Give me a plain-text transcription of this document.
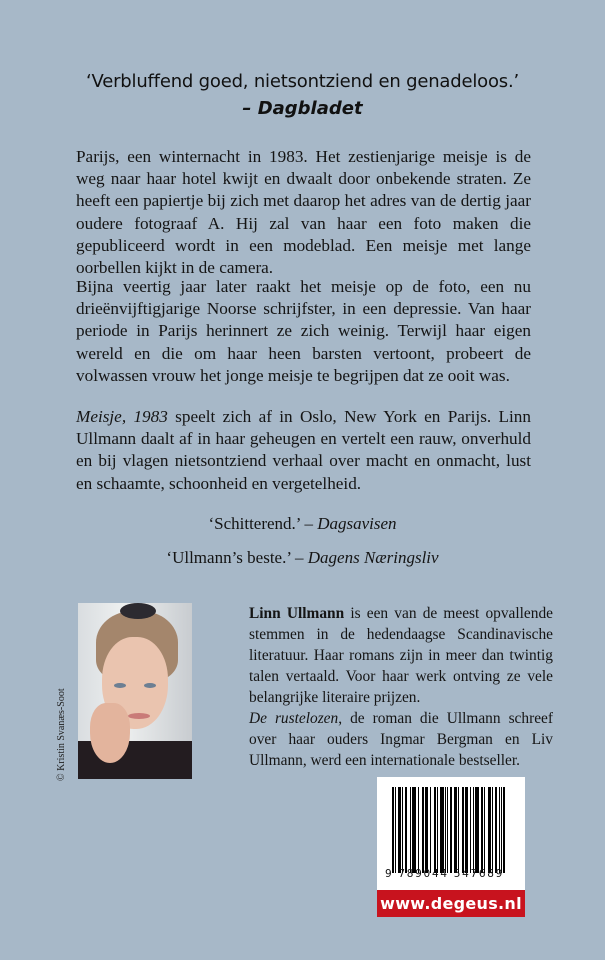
‘Verbluffend goed, nietsontziend en genadeloos.’
– Dagbladet

Parijs, een winternacht in 1983. Het zestienjarige meisje is de weg naar haar hotel kwijt en dwaalt door onbekende straten. Ze heeft een papiertje bij zich met daarop het adres van de dertig jaar oudere fotograaf A. Hij zal van haar een foto maken die gepubliceerd wordt in een modeblad. Een meisje met lange oorbellen kijkt in de camera.

Bijna veertig jaar later raakt het meisje op de foto, een nu drieënvijftigjarige Noorse schrijfster, in een depressie. Van haar periode in Parijs herinnert ze zich weinig. Terwijl haar eigen wereld en die om haar heen barsten vertoont, probeert de volwassen vrouw het jonge meisje te begrijpen dat ze ooit was.

Meisje, 1983 speelt zich af in Oslo, New York en Parijs. Linn Ullmann daalt af in haar geheugen en vertelt een rauw, onverhuld en bij vlagen nietsontziend verhaal over macht en onmacht, lust en schaamte, schoonheid en vergetelheid.

‘Schitterend.’ – Dagsavisen
‘Ullmann’s beste.’ – Dagens Næringsliv
© Kristin Svanæs-Soot

Linn Ullmann is een van de meest opvallende stemmen in de hedendaagse Scandinavische literatuur. Haar romans zijn in meer dan twintig talen vertaald. Voor haar werk ontving ze vele belangrijke literaire prijzen.

De rustelozen, de roman die Ullmann schreef over haar ouders Ingmar Bergman en Liv Ullmann, werd een internationale bestseller.

9 789044 547689
www.degeus.nl
